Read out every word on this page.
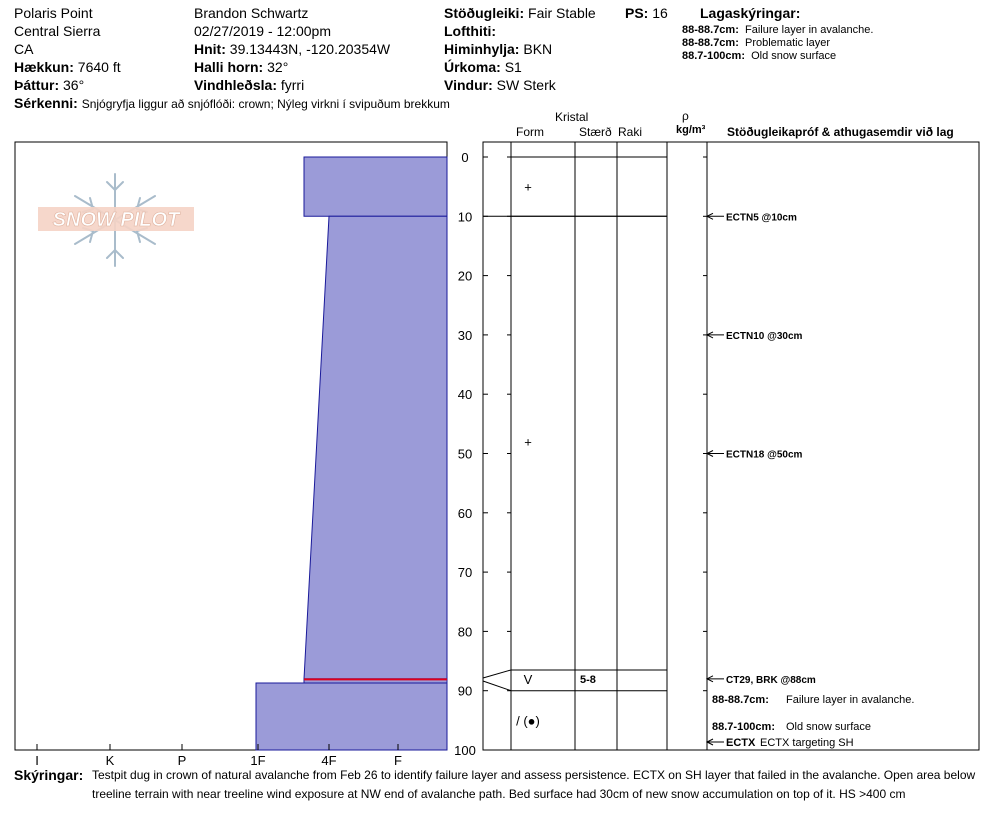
Polaris Point
Central Sierra
CA
Hækkun: 7640 ft
Þáttur: 36°
Brandon Schwartz
02/27/2019 - 12:00pm
Hnit: 39.13443N, -120.20354W
Halli horn: 32°
Vindhleðsla: fyrri
Stöðugleiki: Fair Stable PS: 16
Lofthiti:
Himinhylja: BKN
Úrkoma: S1
Vindur: SW Sterk
Lagaskýringar:
88-88.7cm: Failure layer in avalanche.
88-88.7cm: Problematic layer
88.7-100cm: Old snow surface
Sérkenni: Snjógryfja liggur að snjóflóði: crown; Nýleg virkni í svipuðum brekkum
Kristal
Form	Stærð Raki
ρ
kg/m³ Stöðugleikapróf & athugasemdir við lag
0
10
20
30
40
50
60
70
80
90
100
I	K	P	1F	4F	F
SNOW PILOT
+
+
V	5-8
/ (●)
ECTN5 @10cm
ECTN10 @30cm
ECTN18 @50cm
CT29, BRK @88cm
88-88.7cm: Failure layer in avalanche.
88.7-100cm: Old snow surface
ECTX ECTX targeting SH
Skýringar: Testpit dug in crown of natural avalanche from Feb 26 to identify failure layer and assess persistence. ECTX on SH layer that failed in the avalanche. Open area below
treeline terrain with near treeline wind exposure at NW end of avalanche path. Bed surface had 30cm of new snow accumulation on top of it. HS >400 cm
